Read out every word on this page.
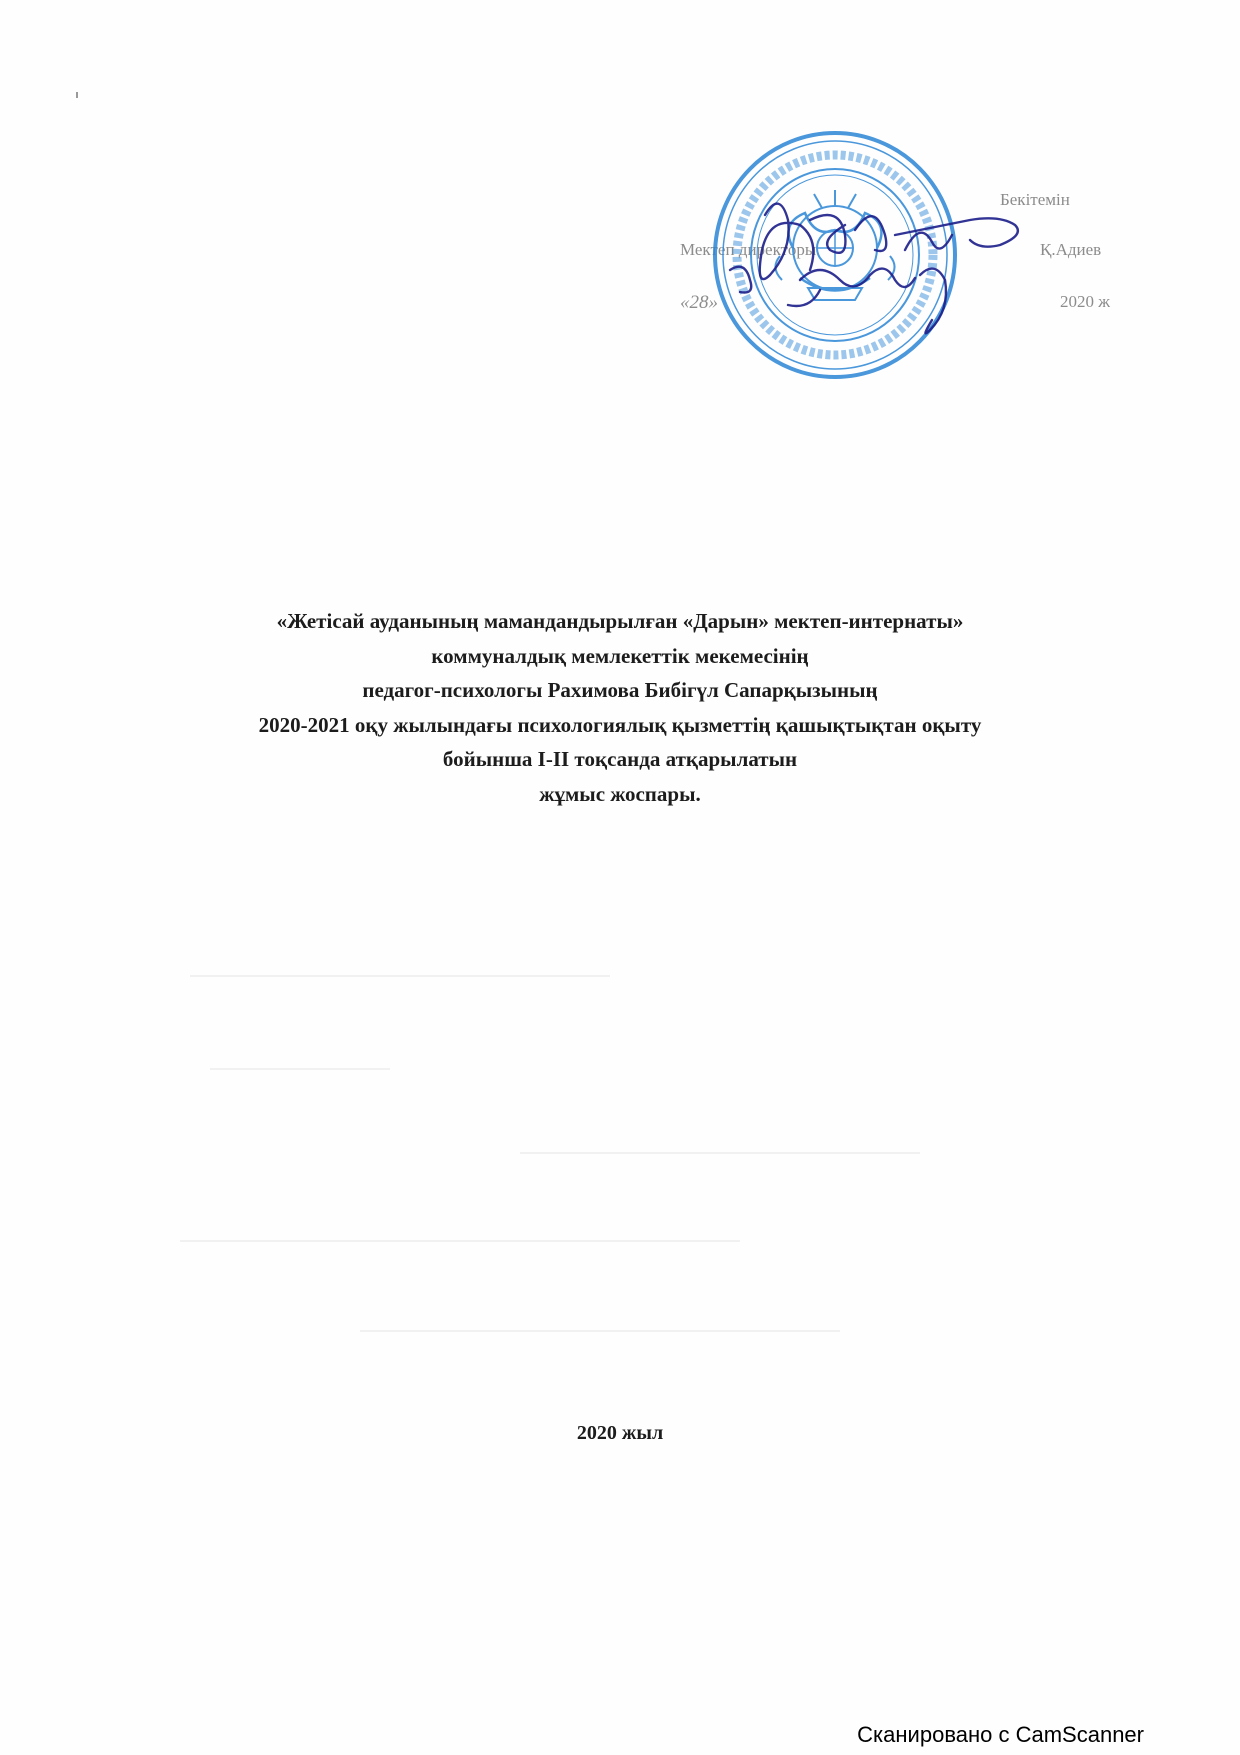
Бекітемін
Мектеп директоры	Қ.Адиев
«28»	2020 ж
«Жетісай ауданының мамандандырылған «Дарын» мектеп-интернаты»
коммуналдық мемлекеттік мекемесінің
педагог-психологы Рахимова Бибігүл Сапарқызының
2020-2021 оқу жылындағы психологиялық қызметтің қашықтықтан оқыту
бойынша І-ІІ тоқсанда атқарылатын
жұмыс жоспары.
2020 жыл
Сканировано с CamScanner
